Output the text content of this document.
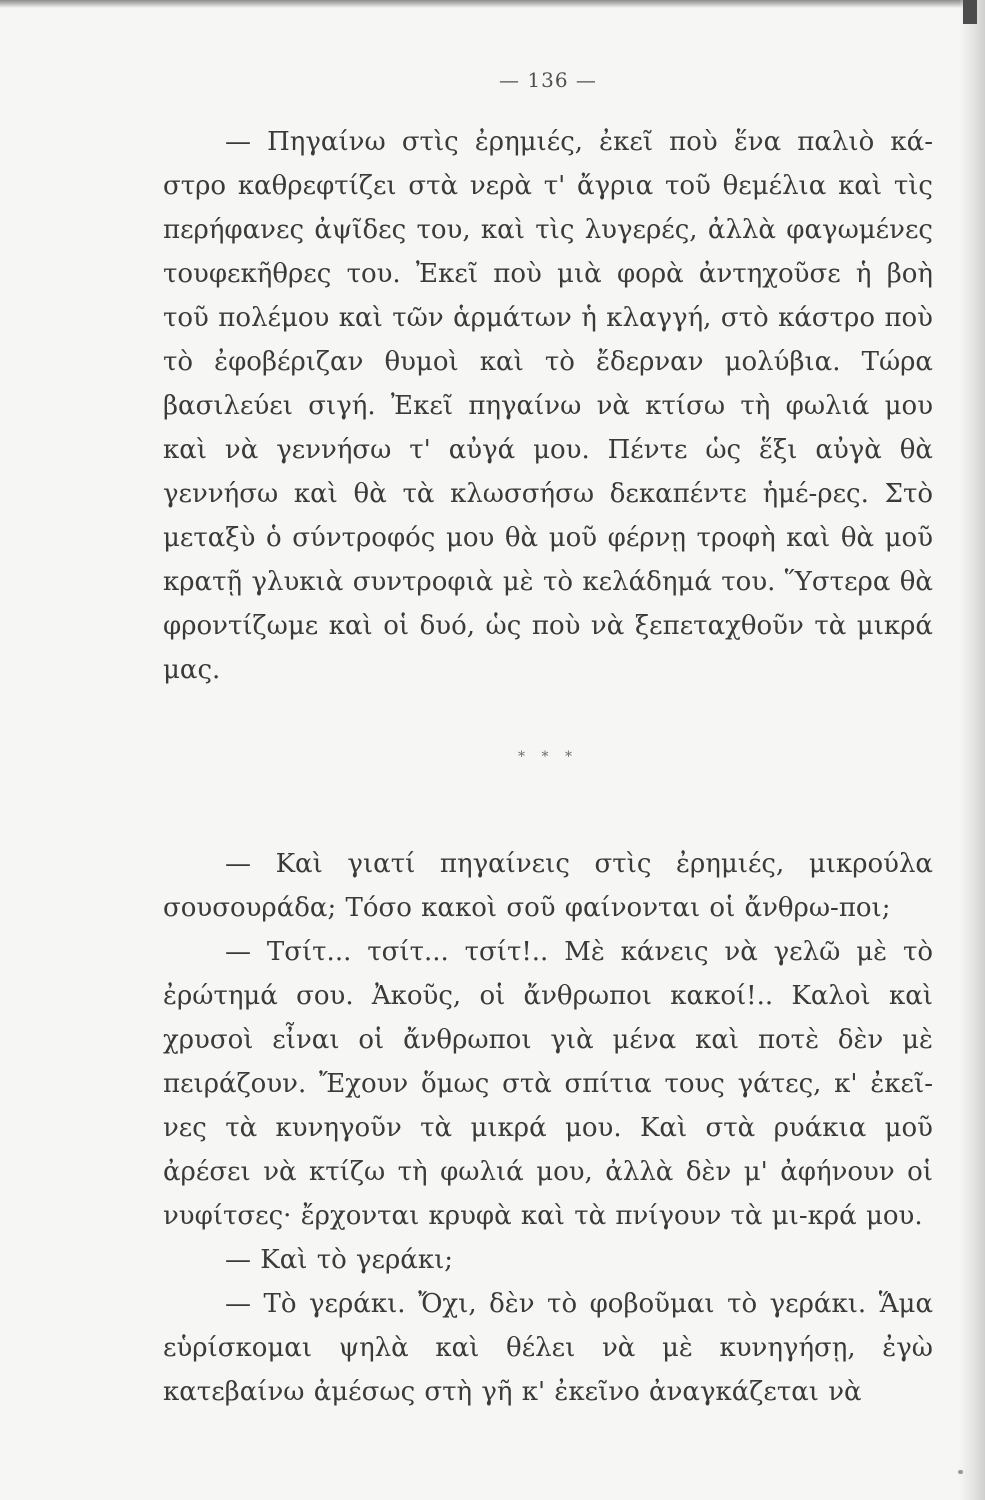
— 136 —

— Πηγαίνω στὶς ἐρημιές, ἐκεῖ ποὺ ἕνα παλιὸ κά-στρο καθρεφτίζει στὰ νερὰ τ' ἄγρια τοῦ θεμέλια καὶ τὶς περήφανες ἀψῖδες του, καὶ τὶς λυγερές, ἀλλὰ φαγωμένες τουφεκῆθρες του. Ἐκεῖ ποὺ μιὰ φορὰ ἀντηχοῦσε ἡ βοὴ τοῦ πολέμου καὶ τῶν ἁρμάτων ἡ κλαγγή, στὸ κάστρο ποὺ τὸ ἐφοβέριζαν θυμοὶ καὶ τὸ ἔδερναν μολύβια. Τώρα βασιλεύει σιγή. Ἐκεῖ πηγαίνω νὰ κτίσω τὴ φωλιά μου καὶ νὰ γεννήσω τ' αὐγά μου. Πέντε ὡς ἕξι αὐγὰ θὰ γεννήσω καὶ θὰ τὰ κλωσσήσω δεκαπέντε ἡμέ-ρες. Στὸ μεταξὺ ὁ σύντροφός μου θὰ μοῦ φέρνῃ τροφὴ καὶ θὰ μοῦ κρατῇ γλυκιὰ συντροφιὰ μὲ τὸ κελάδημά του. Ὕστερα θὰ φροντίζωμε καὶ οἱ δυό, ὡς ποὺ νὰ ξεπεταχθοῦν τὰ μικρά μας.

* * *

— Καὶ γιατί πηγαίνεις στὶς ἐρημιές, μικρούλα σουσουράδα; Τόσο κακοὶ σοῦ φαίνονται οἱ ἄνθρω-ποι;

— Τσίτ... τσίτ... τσίτ!.. Μὲ κάνεις νὰ γελῶ μὲ τὸ ἐρώτημά σου. Ἀκοῦς, οἱ ἄνθρωποι κακοί!.. Καλοὶ καὶ χρυσοὶ εἶναι οἱ ἄνθρωποι γιὰ μένα καὶ ποτὲ δὲν μὲ πειράζουν. Ἔχουν ὅμως στὰ σπίτια τους γάτες, κ' ἐκεῖ-νες τὰ κυνηγοῦν τὰ μικρά μου. Καὶ στὰ ρυάκια μοῦ ἀρέσει νὰ κτίζω τὴ φωλιά μου, ἀλλὰ δὲν μ' ἀφήνουν οἱ νυφίτσες· ἔρχονται κρυφὰ καὶ τὰ πνίγουν τὰ μι-κρά μου.

— Καὶ τὸ γεράκι;

— Τὸ γεράκι. Ὄχι, δὲν τὸ φοβοῦμαι τὸ γεράκι. Ἅμα εὑρίσκομαι ψηλὰ καὶ θέλει νὰ μὲ κυνηγήσῃ, ἐγὼ κατεβαίνω ἀμέσως στὴ γῆ κ' ἐκεῖνο ἀναγκάζεται νὰ
